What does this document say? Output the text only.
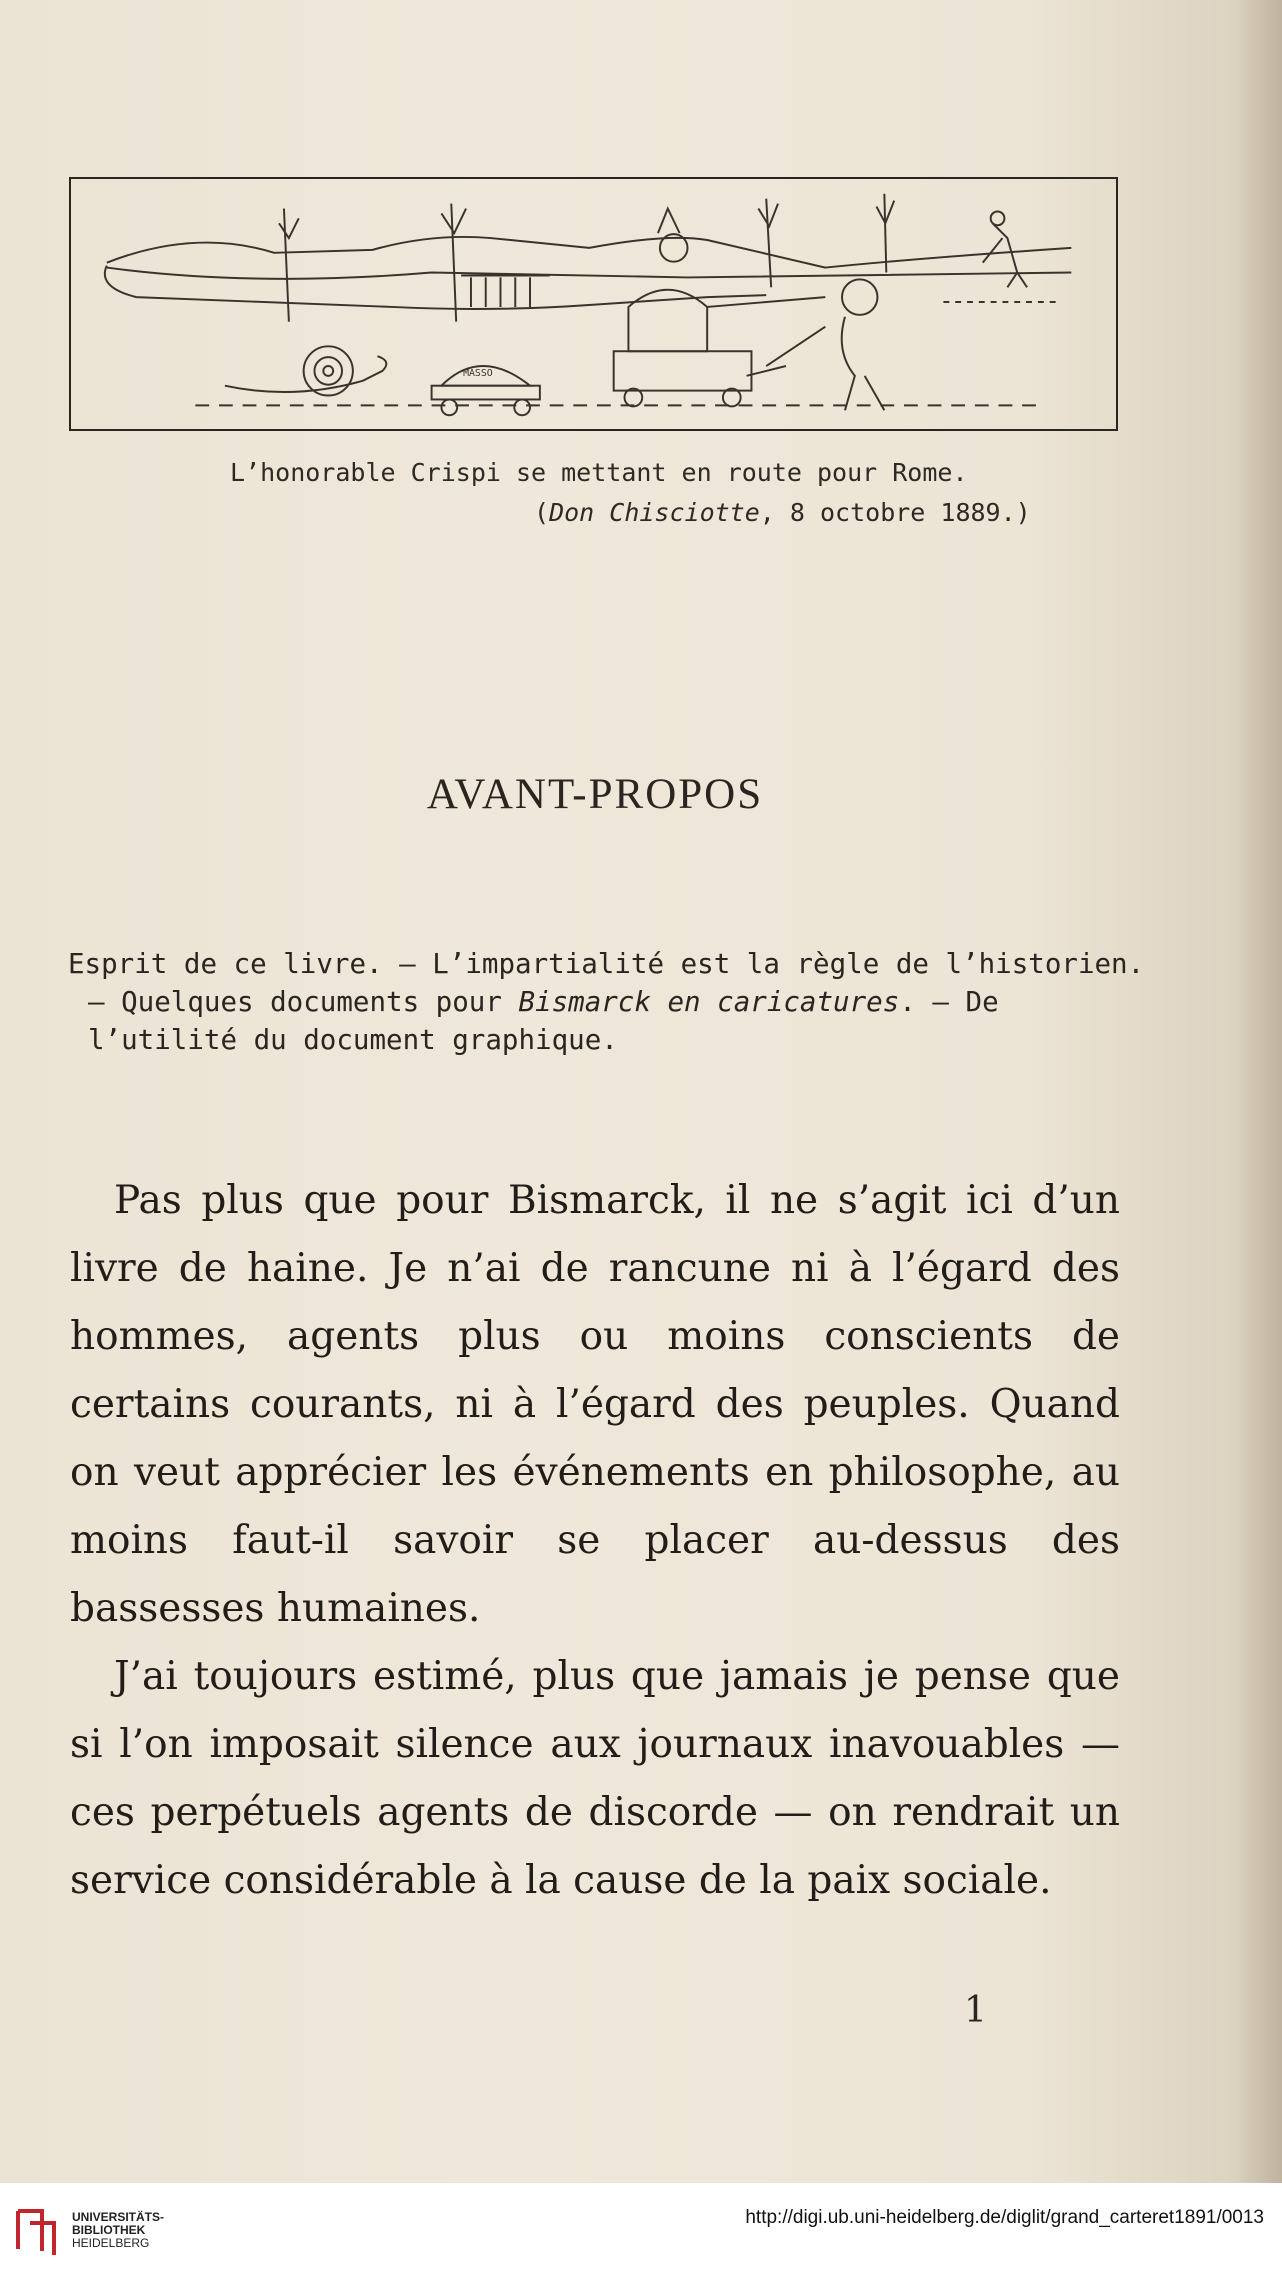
MASSO
L’honorable Crispi se mettant en route pour Rome.
(Don Chisciotte, 8 octobre 1889.)
AVANT-PROPOS
Esprit de ce livre. — L’impartialité est la règle de l’historien.
— Quelques documents pour Bismarck en caricatures. — De
l’utilité du document graphique.

Pas plus que pour Bismarck, il ne s’agit ici d’un livre de haine. Je n’ai de rancune ni à l’égard des hommes, agents plus ou moins conscients de certains courants, ni à l’égard des peuples. Quand on veut apprécier les événements en philosophe, au moins faut-il savoir se placer au-dessus des bassesses humaines.

J’ai toujours estimé, plus que jamais je pense que si l’on imposait silence aux journaux inavouables — ces perpétuels agents de discorde — on rendrait un service considérable à la cause de la paix sociale.

1
UNIVERSITÄTS-
BIBLIOTHEK
HEIDELBERG
http://digi.ub.uni-heidelberg.de/diglit/grand_carteret1891/0013
